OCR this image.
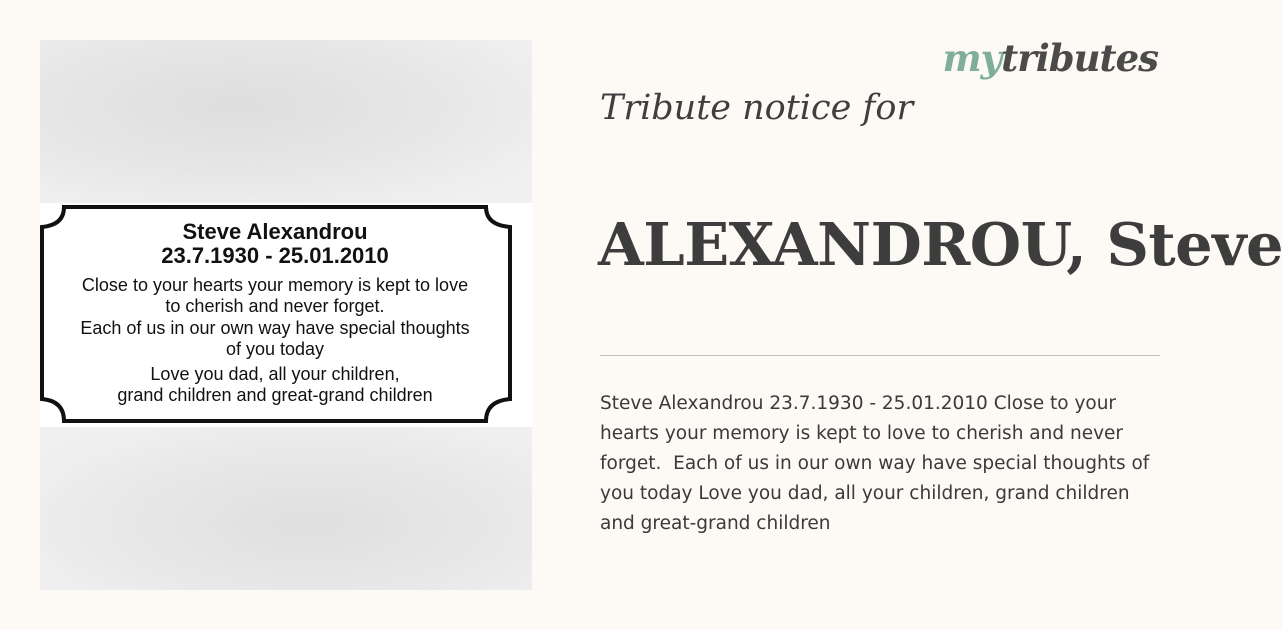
mytributes
Steve Alexandrou
23.7.1930 - 25.01.2010
Close to your hearts your memory is kept to love
to cherish and never forget.
Each of us in our own way have special thoughts
of you today
Love you dad, all your children,
grand children and great-grand children
Tribute notice for
ALEXANDROU, Steve
Steve Alexandrou 23.7.1930 - 25.01.2010 Close to your hearts your memory is kept to love to cherish and never forget.  Each of us in our own way have special thoughts of you today Love you dad, all your children, grand children and great-grand children
